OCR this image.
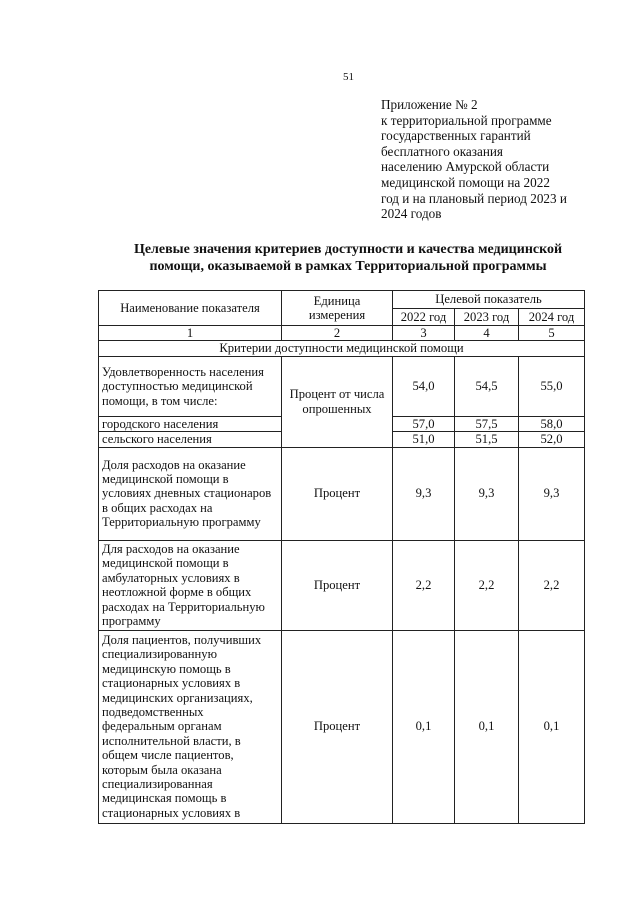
51
Приложение № 2
к территориальной программе
государственных гарантий
бесплатного оказания
населению Амурской области
медицинской помощи на 2022
год и на плановый период 2023 и
2024 годов
Целевые значения критериев доступности и качества медицинской
помощи, оказываемой в рамках Территориальной программы
Наименование показателя	Единица измерения	Целевой показатель		
		2022 год	2023 год	2024 год
1	2	3	4	5
Критерии доступности медицинской помощи				
Удовлетворенность населения доступностью медицинской помощи, в том числе:	Процент от числа опрошенных	54,0	54,5	55,0
городского населения		57,0	57,5	58,0
сельского населения		51,0	51,5	52,0
Доля расходов на оказание медицинской помощи в условиях дневных стационаров в общих расходах на Территориальную программу	Процент	9,3	9,3	9,3
Для расходов на оказание медицинской помощи в амбулаторных условиях в неотложной форме в общих расходах на Территориальную программу	Процент	2,2	2,2	2,2
Доля пациентов, получивших специализированную медицинскую помощь в стационарных условиях в медицинских организациях, подведомственных федеральным органам исполнительной власти, в общем числе пациентов, которым была оказана специализированная медицинская помощь в стационарных условиях в	Процент	0,1	0,1	0,1
